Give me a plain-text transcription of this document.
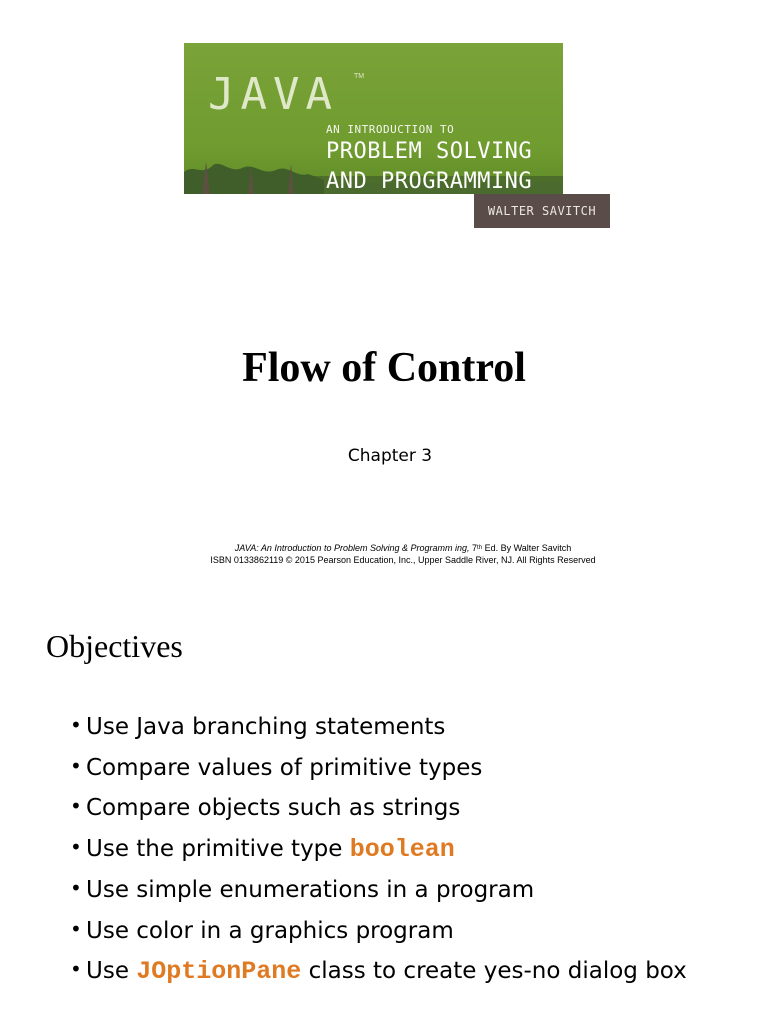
JAVA TM
AN INTRODUCTION TO
PROBLEM SOLVING
AND PROGRAMMING
WALTER SAVITCH
Flow of Control
Chapter 3
JAVA: An Introduction to Problem Solving & Programm ing, 7th Ed. By Walter Savitch
ISBN 0133862119 © 2015 Pearson Education, Inc., Upper Saddle River, NJ. All Rights Reserved
Objectives
• Use Java branching statements
• Compare values of primitive types
• Compare objects such as strings
• Use the primitive type boolean
• Use simple enumerations in a program
• Use color in a graphics program
• Use JOptionPane class to create yes-no dialog box
